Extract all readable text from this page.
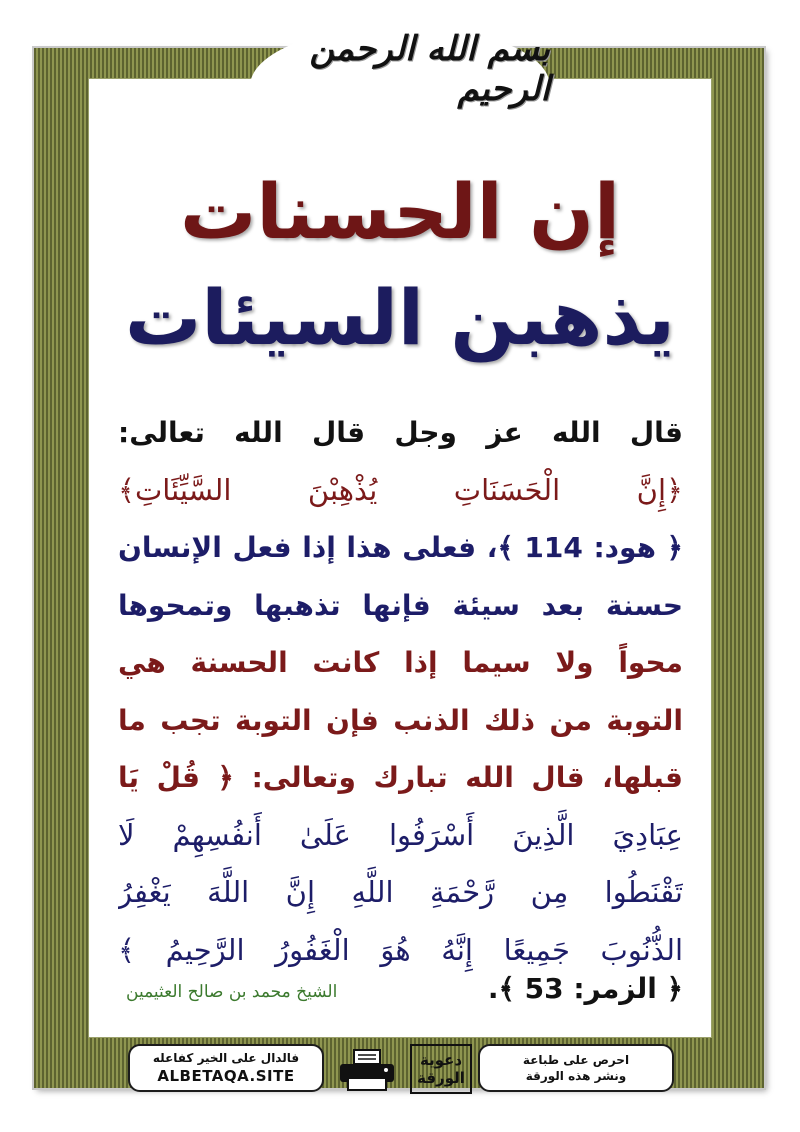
بسم الله الرحمن الرحيم
إن الحسنات
يذهبن السيئات
قال الله عز وجل قال الله تعالى:
﴿إِنَّ الْحَسَنَاتِ يُذْهِبْنَ السَّيِّئَاتِ﴾
﴿ هود: 114 ﴾، فعلى هذا إذا فعل الإنسان
حسنة بعد سيئة فإنها تذهبها وتمحوها
محواً ولا سيما إذا كانت الحسنة هي
التوبة من ذلك الذنب فإن التوبة تجب ما
قبلها، قال الله تبارك وتعالى: ﴿ قُلْ يَا
عِبَادِيَ الَّذِينَ أَسْرَفُوا عَلَىٰ أَنفُسِهِمْ لَا
تَقْنَطُوا مِن رَّحْمَةِ اللَّهِ إِنَّ اللَّهَ يَغْفِرُ
الذُّنُوبَ جَمِيعًا إِنَّهُ هُوَ الْغَفُورُ الرَّحِيمُ ﴾
﴿ الزمر: 53 ﴾.
الشيخ محمد بن صالح العثيمين
فالدال على الخير كفاعله
ALBETAQA.SITE
دعوية
الورقة
احرص على طباعة
ونشر هذه الورقة
